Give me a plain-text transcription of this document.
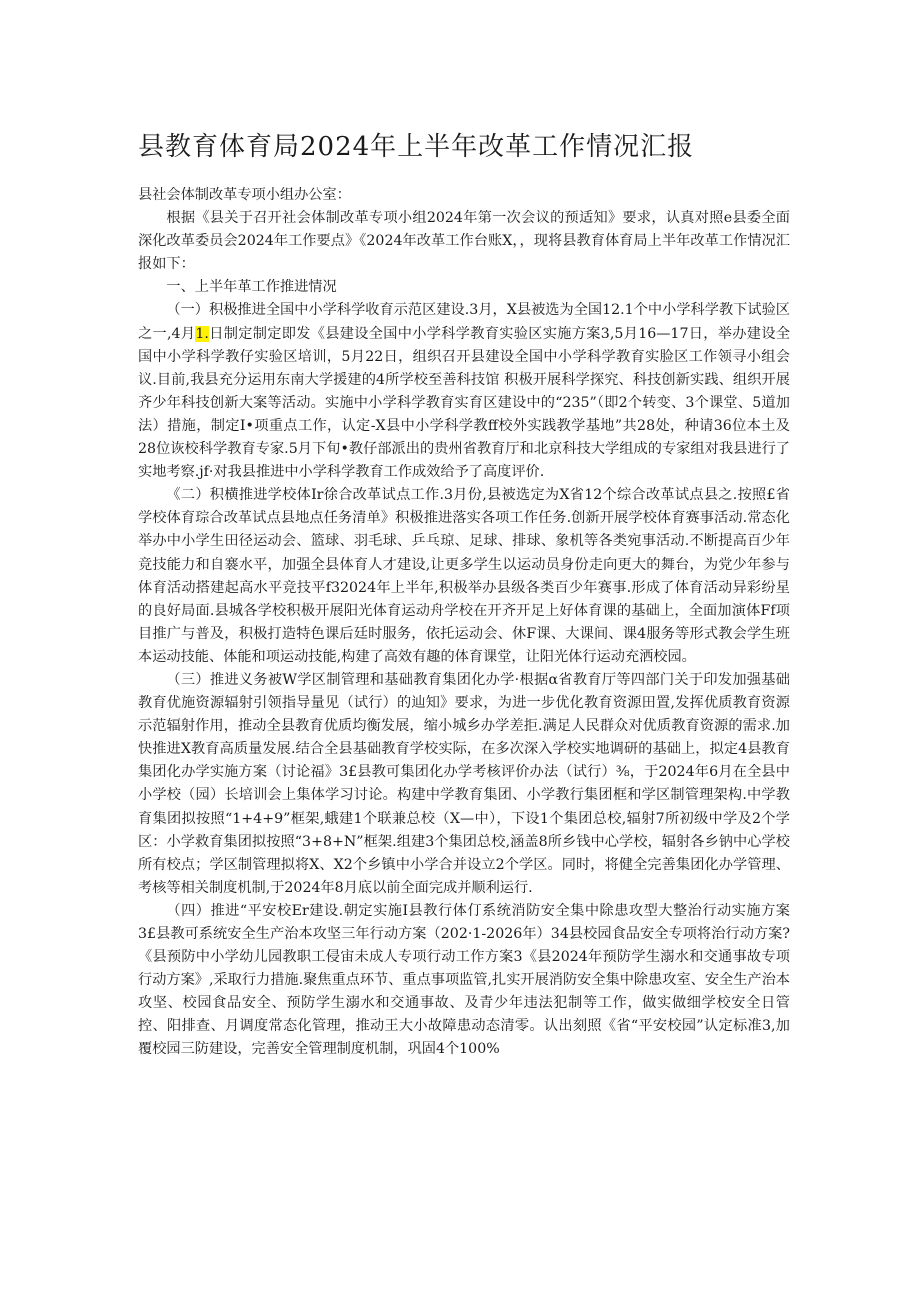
县教育体育局2024年上半年改革工作情况汇报

县社会体制改革专项小组办公室：

根据《县关于召开社会体制改革专项小组2024年第一次会议的预适知》要求，认真对照e县委全面深化改革委员会2024年工作要点》《2024年改革工作台账X，，现将县教育体育局上半年改革工作情况汇报如下：

一、上半年革工作推进情况

（一）积极推进全国中小学科学收育示范区建设.3月，X县被选为全国12.1个中小学科学教下试验区之一,4月1.日制定制定即发《县建设全国中小学科学教育实验区实施方案3,5月16—17日，举办建设全国中小学科学教仔实验区培训，5月22日，组织召开县建设全国中小学科学教育实脸区工作领寻小组会议.目前,我县充分运用东南大学援建的4所学校至善科技馆 积极开展科学探究、科技创新实践、组织开展齐少年科技创新大案等活动。实施中小学科学教育实育区建设中的“235”（即2个转变、3个课堂、5道加法）措施，制定I•项重点工作，认定-X县中小学科学教ff校外实践教学基地”共28处，种请36位本土及28位诙校科学教育专家.5月下旬•教仔部派出的贵州省教育厅和北京科技大学组成的专家组对我县进行了实地考察.jf·对我县推进中小学科学教育工作成效给予了高度评价.

《二）积横推进学校体Ir徐合改革试点工作.3月份,县被选定为X省12个综合改革试点县之.按照£省学校体育琮合改革试点县地点任务清单》积极推进落实各项工作任务.创新开展学校体育赛事活动.常态化举办中小学生田径运动会、篮球、羽毛球、乒乓琼、足球、排球、象机等各类宛事活动.不断提高百少年竞技能力和自褰水平，加强全县体育人才建设,让更多学生以运动员身份走向更大的舞台，为党少年参与体育活动搭建起高水平竞技平f32024年上半年,积极举办县级各类百少年赛事.形成了体育活动异彩纷星的良好局面.县城各学校积极开展阳光体育运动舟学校在开齐开足上好体育课的基础上，全面加演体Ff项目推广与普及，积极打造特色课后廷时服务，依托运动会、休F课、大课间、课4服务等形式教会学生班本运动技能、体能和项运动技能,构建了高效有趣的体育课堂，让阳光体行运动充洒校园。

（三）推进义务被W学区制管理和基础教育集团化办学·根据α省教育厅等四部门关于印发加强基础教育优施资源辐射引领指导量见（试行）的辿知》要求，为进一步优化教育资源田置,发挥优质教育资源示范辐射作用，推动全县教育优质均衡发展，缩小城乡办学差拒.满足人民群众对优质教育资源的需求.加快推进X教育高质量发展.结合全县基础教育学校实际，在多次深入学校实地调研的基础上，拟定4县教育集团化办学实施方案（讨论福》3£县教可集团化办学考核评价办法（试行）⅜，于2024年6月在全县中小学校（园）长培训会上集体学习讨论。构建中学教育集团、小学教行集团框和学区制管理架构.中学教育集团拟按照“1+4+9”框架,蛾建1个联兼总校（X—中），下设1个集团总校,辐射7所初级中学及2个学区：小学救育集团拟按照“3+8+N”框架.组建3个集团总校,涵盖8所乡钱中心学校，辐射各乡钠中心学校所有校点；学区制管理拟将X、X2个乡镇中小学合并设立2个学区。同时，将健全完善集团化办学管理、考核等相关制度机制,于2024年8月底以前全面完成并顺利运行.

（四）推进“平安校Er建设.朝定实施I县教行体仃系统消防安全集中除患攻型大整治行动实施方案3£县教可系统安全生产治本攻坚三年行动方案（202·1-2026年）34县校园食品安全专项将治行动方案?《县预防中小学幼儿园教职工侵宙未成人专项行动工作方案3《县2024年预防学生溺水和交通事故专项行动方案》,采取行力措施.聚焦重点环节、重点事项监管,扎实开展消防安全集中除患攻室、安全生产治本攻坚、校园食品安全、预防学生溺水和交通事故、及青少年违法犯制等工作，做实做细学校安全日管控、阳排查、月调度常态化管理，推动王大小故障患动态清零。认出刻照《省“平安校园”认定标准3,加覆校园三防建设，完善安全管理制度机制，巩固4个100%
